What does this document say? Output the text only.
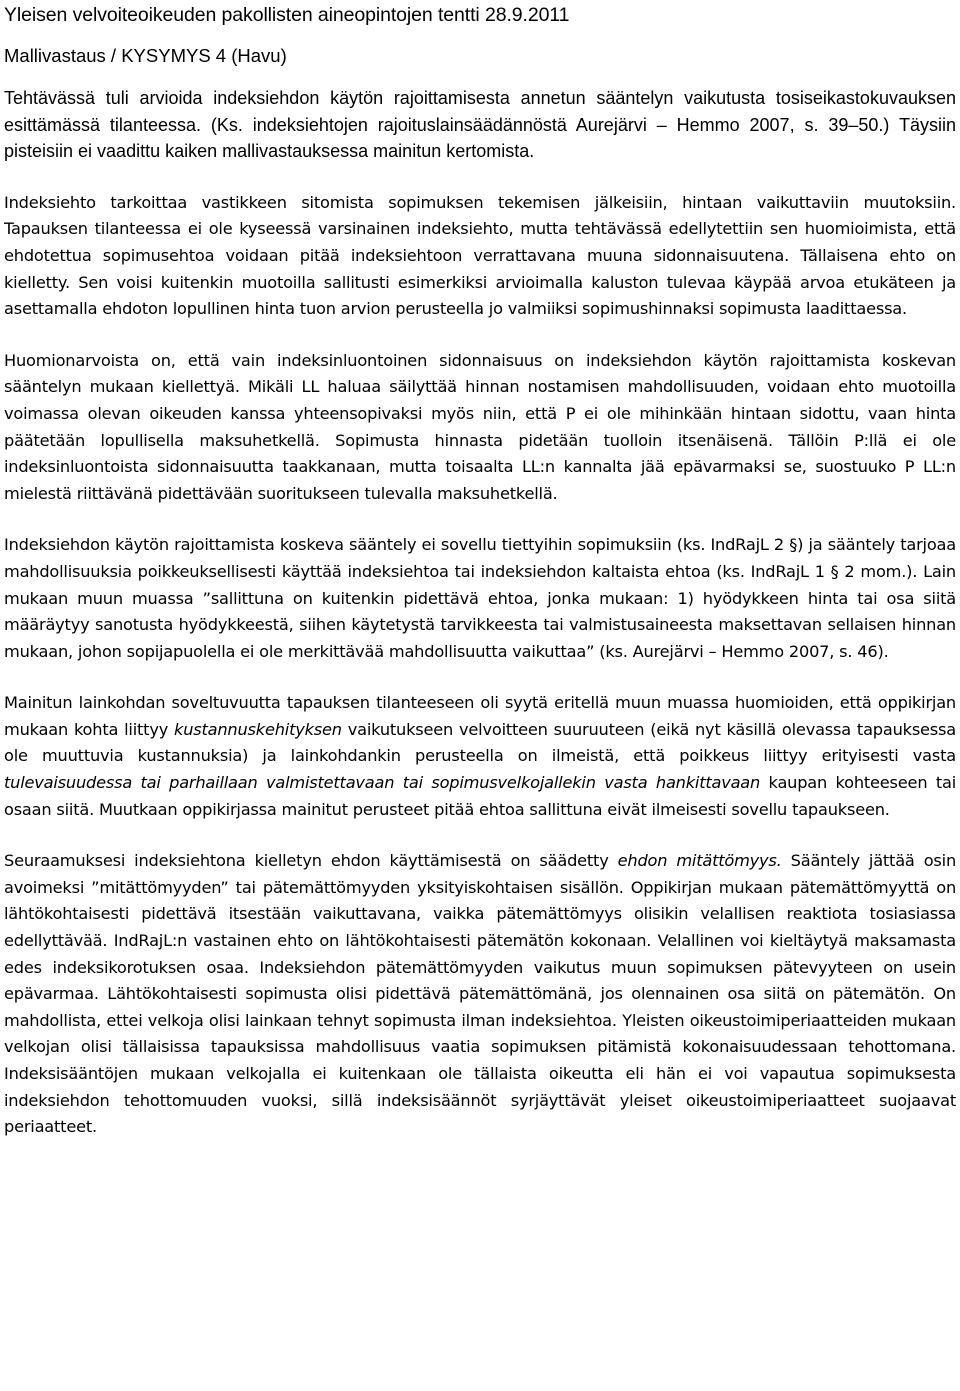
Yleisen velvoiteoikeuden pakollisten aineopintojen tentti 28.9.2011
Mallivastaus / KYSYMYS 4 (Havu)

Tehtävässä tuli arvioida indeksiehdon käytön rajoittamisesta annetun sääntelyn vaikutusta tosiseikastokuvauksen esittämässä tilanteessa. (Ks. indeksiehtojen rajoituslainsäädännöstä Aurejärvi – Hemmo 2007, s. 39–50.) Täysiin pisteisiin ei vaadittu kaiken mallivastauksessa mainitun kertomista.

Indeksiehto tarkoittaa vastikkeen sitomista sopimuksen tekemisen jälkeisiin, hintaan vaikuttaviin muutoksiin. Tapauksen tilanteessa ei ole kyseessä varsinainen indeksiehto, mutta tehtävässä edellytettiin sen huomioimista, että ehdotettua sopimusehtoa voidaan pitää indeksiehtoon verrattavana muuna sidonnaisuutena. Tällaisena ehto on kielletty. Sen voisi kuitenkin muotoilla sallitusti esimerkiksi arvioimalla kaluston tulevaa käypää arvoa etukäteen ja asettamalla ehdoton lopullinen hinta tuon arvion perusteella jo valmiiksi sopimushinnaksi sopimusta laadittaessa.

Huomionarvoista on, että vain indeksinluontoinen sidonnaisuus on indeksiehdon käytön rajoittamista koskevan sääntelyn mukaan kiellettyä. Mikäli LL haluaa säilyttää hinnan nostamisen mahdollisuuden, voidaan ehto muotoilla voimassa olevan oikeuden kanssa yhteensopivaksi myös niin, että P ei ole mihinkään hintaan sidottu, vaan hinta päätetään lopullisella maksuhetkellä. Sopimusta hinnasta pidetään tuolloin itsenäisenä. Tällöin P:llä ei ole indeksinluontoista sidonnaisuutta taakkanaan, mutta toisaalta LL:n kannalta jää epävarmaksi se, suostuuko P LL:n mielestä riittävänä pidettävään suoritukseen tulevalla maksuhetkellä.

Indeksiehdon käytön rajoittamista koskeva sääntely ei sovellu tiettyihin sopimuksiin (ks. IndRajL 2 §) ja sääntely tarjoaa mahdollisuuksia poikkeuksellisesti käyttää indeksiehtoa tai indeksiehdon kaltaista ehtoa (ks. IndRajL 1 § 2 mom.). Lain mukaan muun muassa ”sallittuna on kuitenkin pidettävä ehtoa, jonka mukaan: 1) hyödykkeen hinta tai osa siitä määräytyy sanotusta hyödykkeestä, siihen käytetystä tarvikkeesta tai valmistusaineesta maksettavan sellaisen hinnan mukaan, johon sopijapuolella ei ole merkittävää mahdollisuutta vaikuttaa” (ks. Aurejärvi – Hemmo 2007, s. 46).

Mainitun lainkohdan soveltuvuutta tapauksen tilanteeseen oli syytä eritellä muun muassa huomioiden, että oppikirjan mukaan kohta liittyy kustannuskehityksen vaikutukseen velvoitteen suuruuteen (eikä nyt käsillä olevassa tapauksessa ole muuttuvia kustannuksia) ja lainkohdankin perusteella on ilmeistä, että poikkeus liittyy erityisesti vasta tulevaisuudessa tai parhaillaan valmistettavaan tai sopimusvelkojallekin vasta hankittavaan kaupan kohteeseen tai osaan siitä. Muutkaan oppikirjassa mainitut perusteet pitää ehtoa sallittuna eivät ilmeisesti sovellu tapaukseen.

Seuraamuksesi indeksiehtona kielletyn ehdon käyttämisestä on säädetty ehdon mitättömyys. Sääntely jättää osin avoimeksi ”mitättömyyden” tai pätemättömyyden yksityiskohtaisen sisällön. Oppikirjan mukaan pätemättömyyttä on lähtökohtaisesti pidettävä itsestään vaikuttavana, vaikka pätemättömyys olisikin velallisen reaktiota tosiasiassa edellyttävää. IndRajL:n vastainen ehto on lähtökohtaisesti pätemätön kokonaan. Velallinen voi kieltäytyä maksamasta edes indeksikorotuksen osaa. Indeksiehdon pätemättömyyden vaikutus muun sopimuksen pätevyyteen on usein epävarmaa. Lähtökohtaisesti sopimusta olisi pidettävä pätemättömänä, jos olennainen osa siitä on pätemätön. On mahdollista, ettei velkoja olisi lainkaan tehnyt sopimusta ilman indeksiehtoa. Yleisten oikeustoimiperiaatteiden mukaan velkojan olisi tällaisissa tapauksissa mahdollisuus vaatia sopimuksen pitämistä kokonaisuudessaan tehottomana. Indeksisääntöjen mukaan velkojalla ei kuitenkaan ole tällaista oikeutta eli hän ei voi vapautua sopimuksesta indeksiehdon tehottomuuden vuoksi, sillä indeksisäännöt syrjäyttävät yleiset oikeustoimiperiaatteet suojaavat periaatteet.
